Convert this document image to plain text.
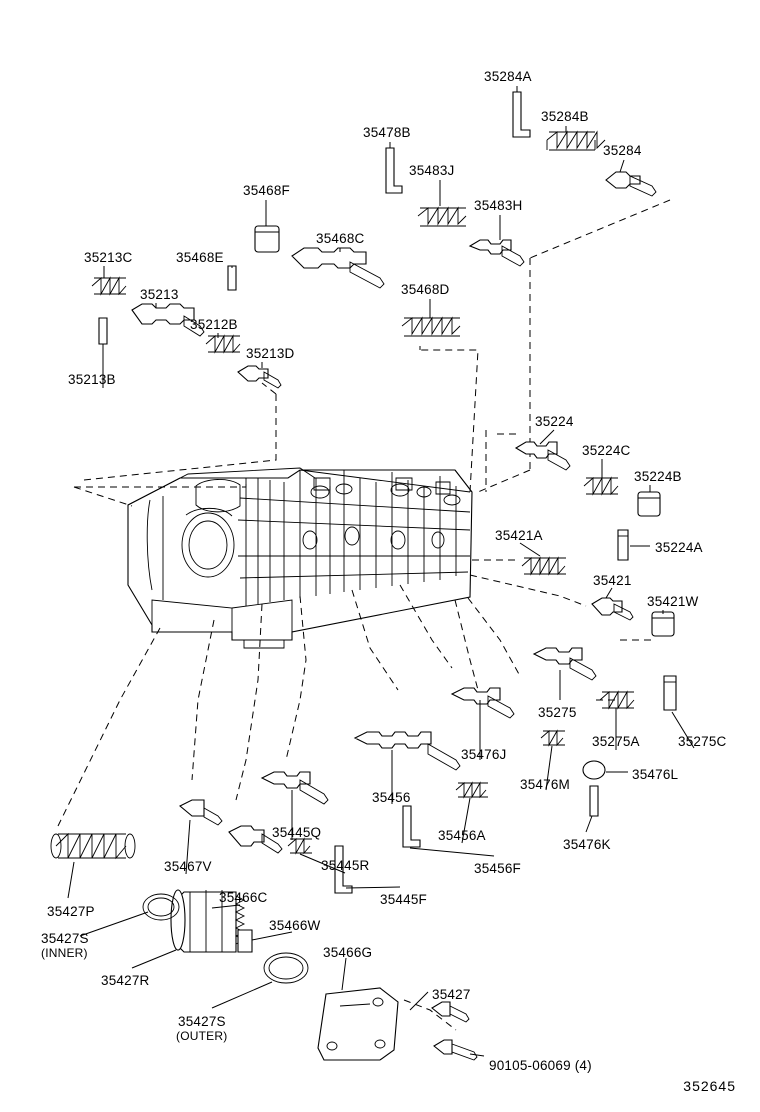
35284A
35284B
35284
35478B
35483J
35483H
35468F
35468C
35468E
35213C
35213	35468D
35212B
35213D
35213B
35224
35224C
35224B
35224A
35421A
35421
35421W
35275
35275A	35275C
35476J
35476M
35476L
35476K
35456
35456A
35456F
35445Q
35445R
35445F
35467V
35466C
35466W
35466G
35427P
35427S
(INNER)
35427R
35427S
(OUTER)
35427
90105-06069 (4)
352645
